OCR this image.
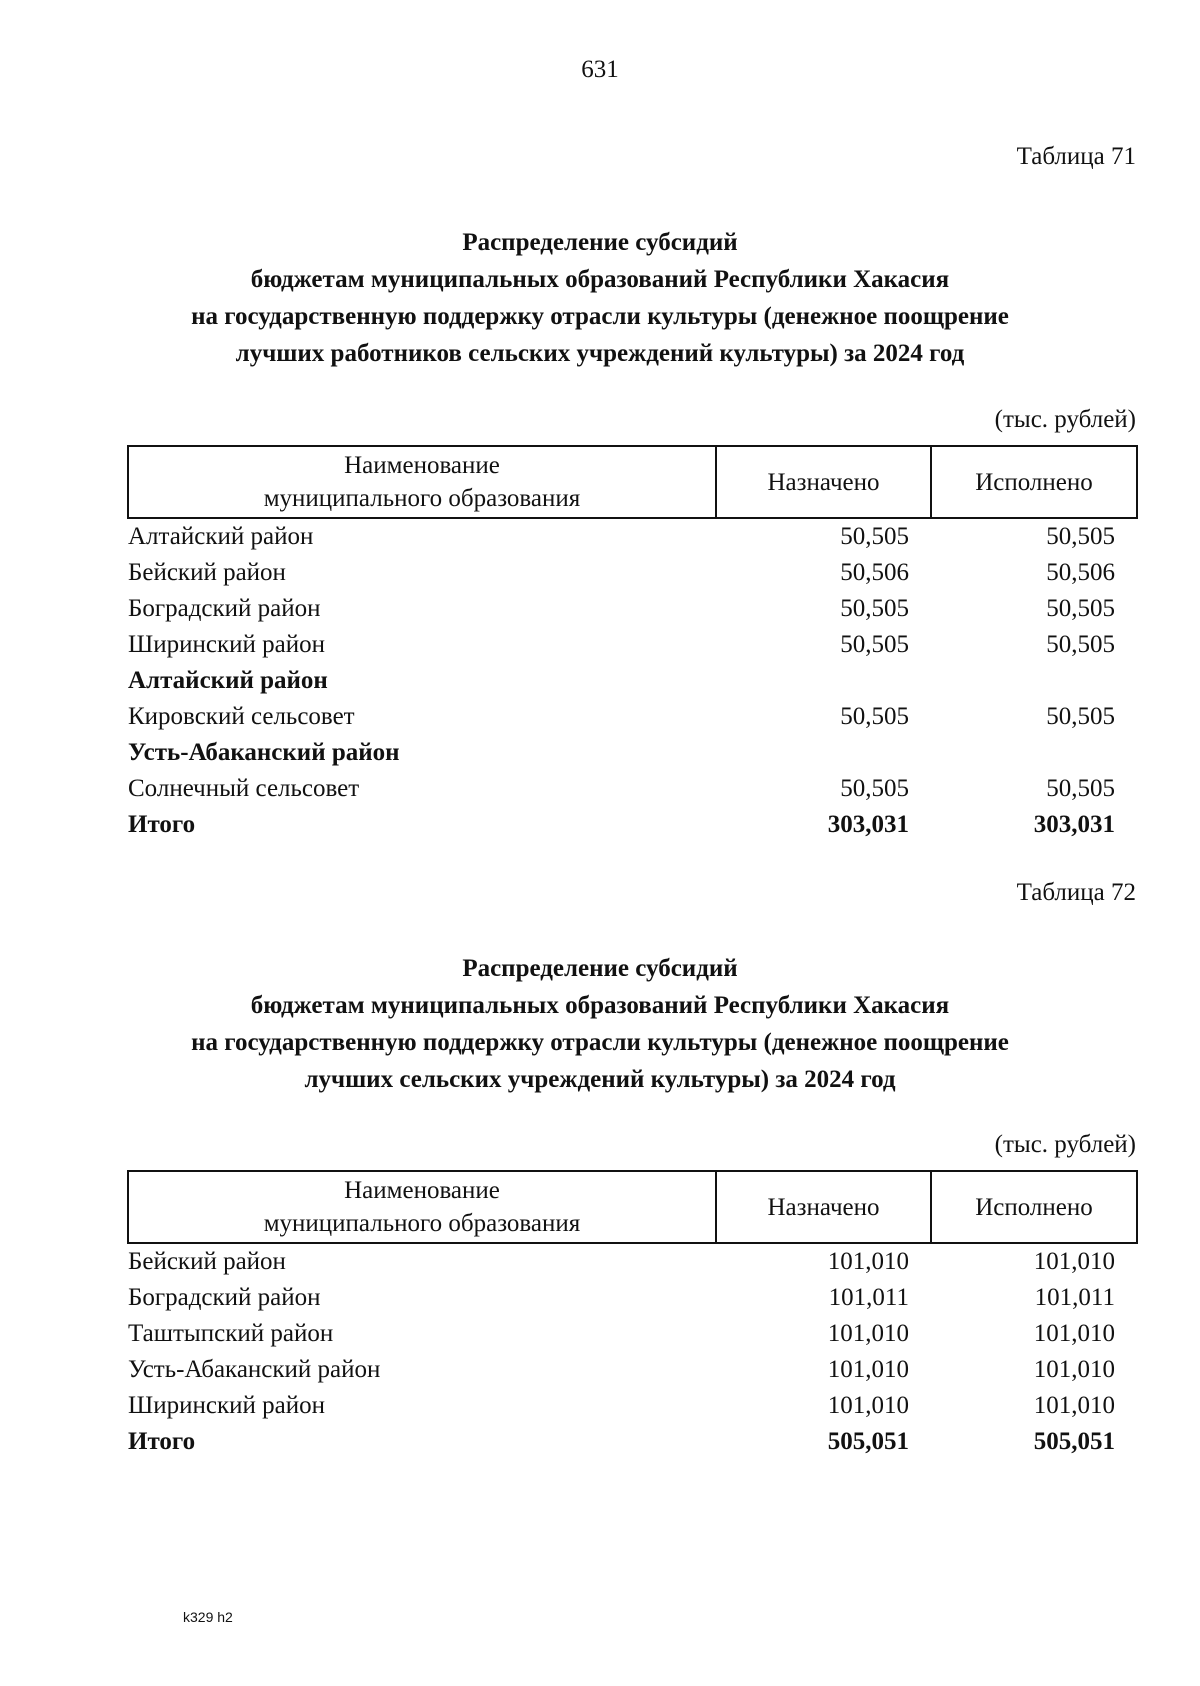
631
Таблица 71
Распределение субсидий
бюджетам муниципальных образований Республики Хакасия
на государственную поддержку отрасли культуры (денежное поощрение
лучших работников сельских учреждений культуры) за 2024 год
(тыс. рублей)
Наименование
муниципального образования	Назначено	Исполнено
Алтайский район	50,505	50,505
Бейский район	50,506	50,506
Боградский район	50,505	50,505
Ширинский район	50,505	50,505
Алтайский район		
Кировский сельсовет	50,505	50,505
Усть-Абаканский район		
Солнечный сельсовет	50,505	50,505
Итого	303,031	303,031
Таблица 72
Распределение субсидий
бюджетам муниципальных образований Республики Хакасия
на государственную поддержку отрасли культуры (денежное поощрение
лучших сельских учреждений культуры) за 2024 год
(тыс. рублей)
Наименование
муниципального образования	Назначено	Исполнено
Бейский район	101,010	101,010
Боградский район	101,011	101,011
Таштыпский район	101,010	101,010
Усть-Абаканский район	101,010	101,010
Ширинский район	101,010	101,010
Итого	505,051	505,051
k329 h2
